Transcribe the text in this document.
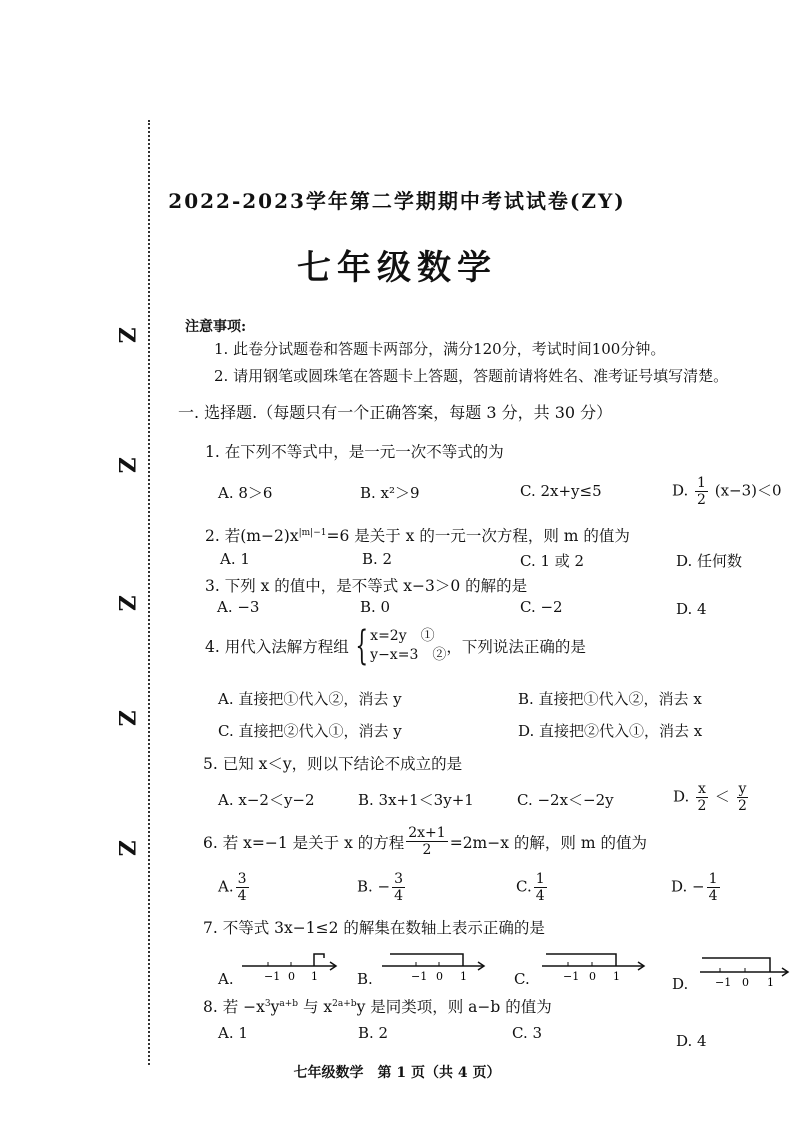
Ζ
Ζ
Ζ
Ζ
Ζ
2022-2023学年第二学期期中考试试卷(ZY)
七年级数学
注意事项:
1. 此卷分试题卷和答题卡两部分，满分120分，考试时间100分钟。
2. 请用钢笔或圆珠笔在答题卡上答题，答题前请将姓名、准考证号填写清楚。
一. 选择题.（每题只有一个正确答案，每题 3 分，共 30 分）
1. 在下列不等式中，是一元一次不等式的为
A. 8＞6	B. x²＞9	C. 2x+y≤5	D. $\frac{1}{2} (x-3)<0$
2. 若$(m-2)x^{|m|-1}=6$ 是关于 x 的一元一次方程，则 m 的值为
A. 1	B. 2	C. 1 或 2	D. 任何数
3. 下列 x 的值中，是不等式 x−3＞0 的解的是
A. −3	B. 0	C. −2	D. 4
4. 用代入法解方程组 { x=2y　①
y−x=3　② ，下列说法正确的是
A. 直接把①代入②，消去 y	B. 直接把①代入②，消去 x
C. 直接把②代入①，消去 y	D. 直接把②代入①，消去 x
5. 已知 x＜y，则以下结论不成立的是
A. x−2＜y−2	B. 3x+1＜3y+1	C. −2x＜−2y	D. $\frac{x}{2} < \frac{y}{2}$
6. 若 x=−1 是关于 x 的方程 $\frac{2x+1}{2} =2m-x$ 的解，则 m 的值为
A. $\frac{3}{4}$	B. − $\frac{3}{4}$	C. $\frac{1}{4}$	D. − $\frac{1}{4}$
7. 不等式 3x−1≤2 的解集在数轴上表示正确的是
A.	B.	C.	D.
−1 0 1	−1 0 1	−1 0 1	−1 0 1
8. 若 $-x^3y^{a+b}$ 与 $x^{2a+b}y$ 是同类项，则 a−b 的值为
A. 1	B. 2	C. 3	D. 4
七年级数学　第 1 页（共 4 页）
